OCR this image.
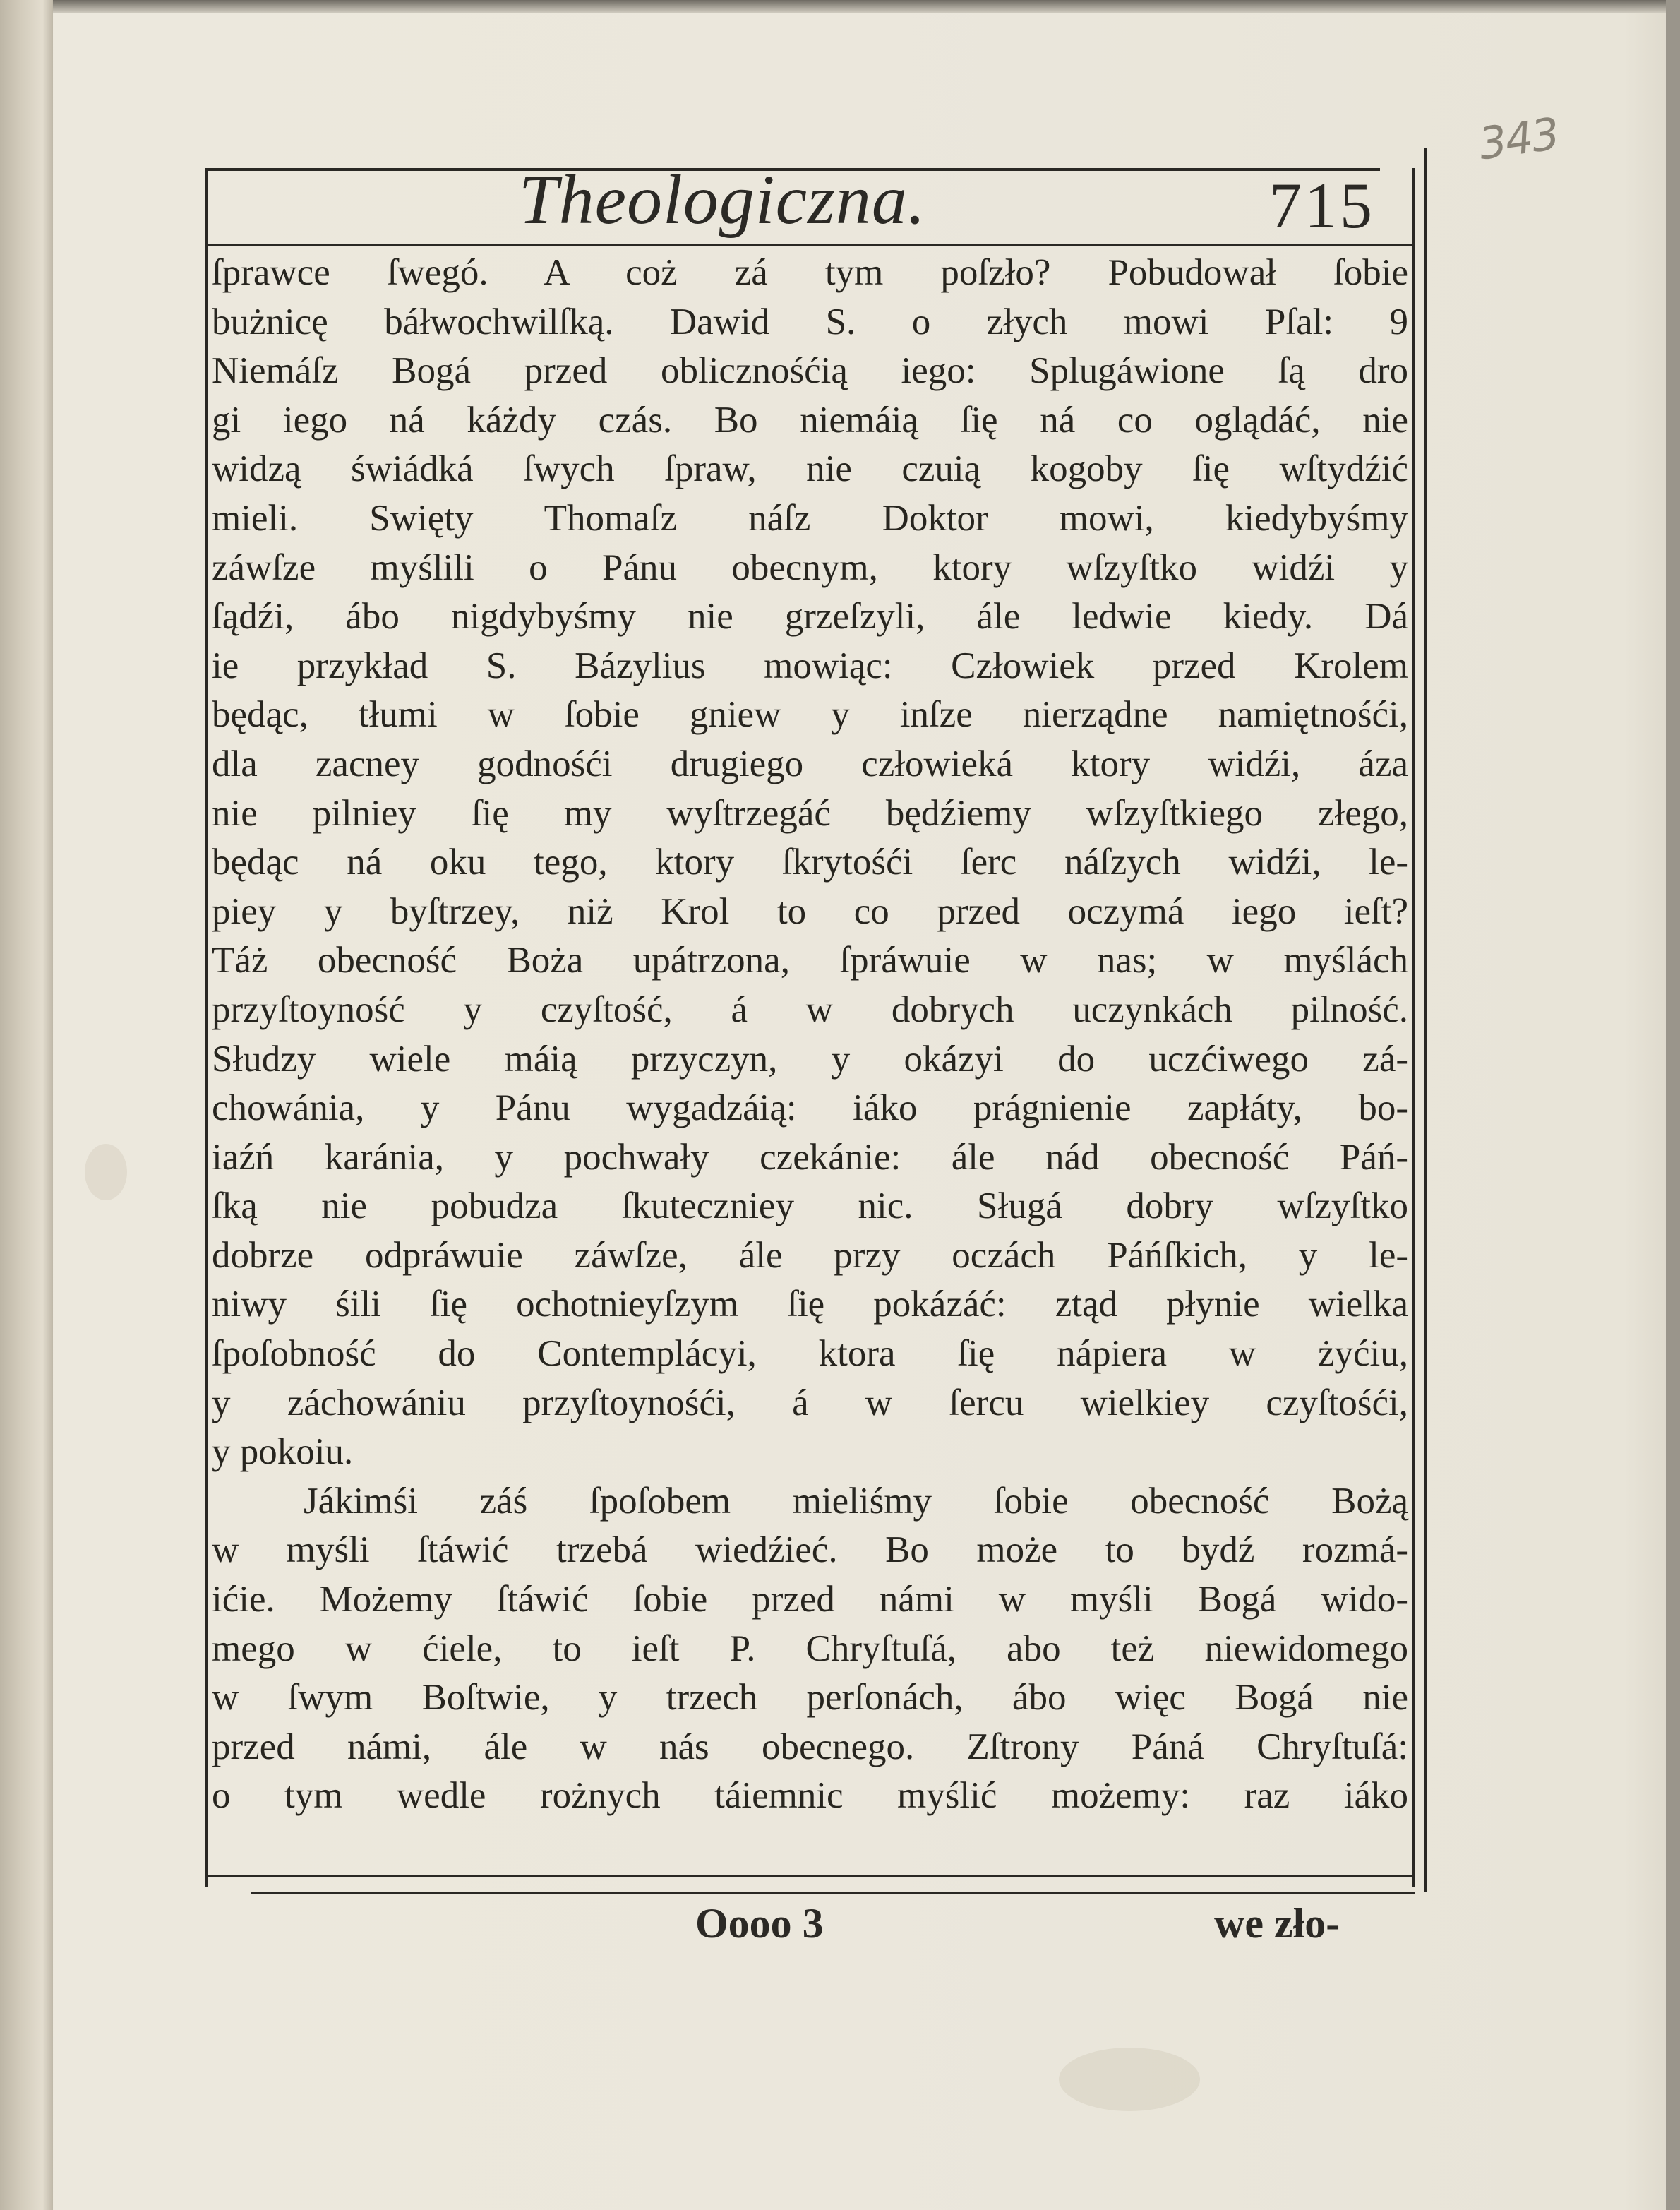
343
Theologiczna.	715
ſprawce ſwegó. A coż zá tym poſzło? Pobudował ſobie
bużnicę báłwochwilſką. Dawid S. o złych mowi Pſal: 9
Niemáſz Bogá przed oblicznośćią iego: Splugáwione ſą dro
gi iego ná káżdy czás. Bo niemáią ſię ná co oglądáć, nie
widzą świádká ſwych ſpraw, nie czuią kogoby ſię wſtydźić
mieli. Swięty Thomaſz náſz Doktor mowi, kiedybyśmy
záwſze myślili o Pánu obecnym, ktory wſzyſtko widźi y
ſądźi, ábo nigdybyśmy nie grzeſzyli, ále ledwie kiedy. Dá
ie przykład S. Bázylius mowiąc: Człowiek przed Krolem
będąc, tłumi w ſobie gniew y inſze nierządne namiętnośći,
dla zacney godnośći drugiego człowieká ktory widźi, áza
nie pilniey ſię my wyſtrzegáć będźiemy wſzyſtkiego złego,
będąc ná oku tego, ktory ſkrytośći ſerc náſzych widźi, le-
piey y byſtrzey, niż Krol to co przed oczymá iego ieſt?
Táż obecność Boża upátrzona, ſpráwuie w nas; w myślách
przyſtoyność y czyſtość, á w dobrych uczynkách pilność.
Słudzy wiele máią przyczyn, y okázyi do uczćiwego zá-
chowánia, y Pánu wygadzáią: iáko prágnienie zapłáty, bo-
iaźń karánia, y pochwały czekánie: ále nád obecność Páń-
ſką nie pobudza ſkuteczniey nic. Sługá dobry wſzyſtko
dobrze odpráwuie záwſze, ále przy oczách Páńſkich, y le-
niwy śili ſię ochotnieyſzym ſię pokázáć: ztąd płynie wielka
ſpoſobność do Contemplácyi, ktora ſię nápiera w żyćiu,
y záchowániu przyſtoynośći, á w ſercu wielkiey czyſtośći,
y pokoiu.
Jákimśi záś ſpoſobem mieliśmy ſobie obecność Bożą
w myśli ſtáwić trzebá wiedźieć. Bo może to bydź rozmá-
ićie. Możemy ſtáwić ſobie przed námi w myśli Bogá wido-
mego w ćiele, to ieſt P. Chryſtuſá, abo też niewidomego
w ſwym Boſtwie, y trzech perſonách, ábo więc Bogá nie
przed námi, ále w nás obecnego. Zſtrony Páná Chryſtuſá:
o tym wedle rożnych táiemnic myślić możemy: raz iáko
Oooo 3	we zło-
